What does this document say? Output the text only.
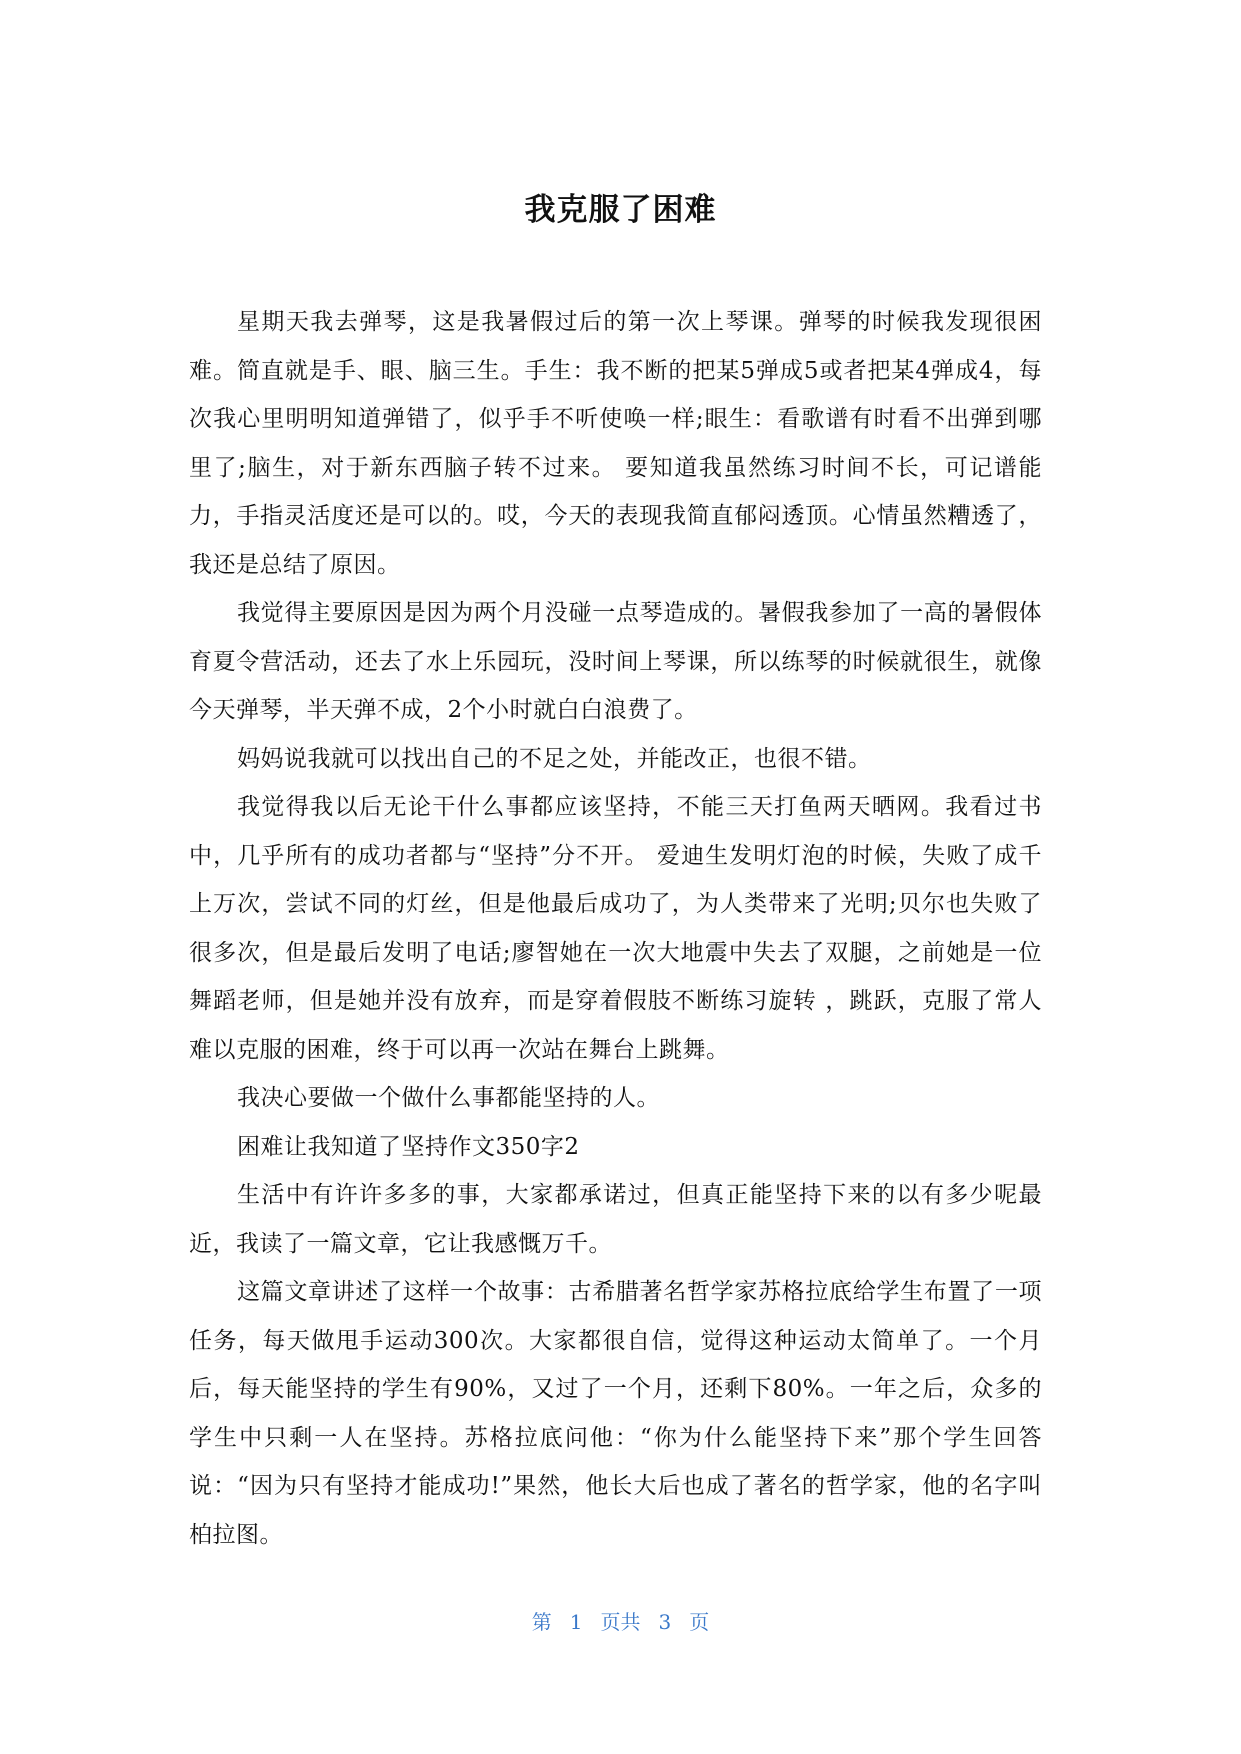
我克服了困难

星期天我去弹琴，这是我暑假过后的第一次上琴课。弹琴的时候我发现很困难。简直就是手、眼、脑三生。手生：我不断的把某5弹成5或者把某4弹成4，每次我心里明明知道弹错了，似乎手不听使唤一样;眼生：看歌谱有时看不出弹到哪里了;脑生，对于新东西脑子转不过来。 要知道我虽然练习时间不长，可记谱能力，手指灵活度还是可以的。哎，今天的表现我简直郁闷透顶。心情虽然糟透了，我还是总结了原因。

我觉得主要原因是因为两个月没碰一点琴造成的。暑假我参加了一高的暑假体育夏令营活动，还去了水上乐园玩，没时间上琴课，所以练琴的时候就很生，就像今天弹琴，半天弹不成，2个小时就白白浪费了。

妈妈说我就可以找出自己的不足之处，并能改正，也很不错。

我觉得我以后无论干什么事都应该坚持，不能三天打鱼两天晒网。我看过书中，几乎所有的成功者都与“坚持”分不开。 爱迪生发明灯泡的时候，失败了成千上万次，尝试不同的灯丝，但是他最后成功了，为人类带来了光明;贝尔也失败了很多次，但是最后发明了电话;廖智她在一次大地震中失去了双腿，之前她是一位舞蹈老师，但是她并没有放弃，而是穿着假肢不断练习旋转 ，跳跃，克服了常人难以克服的困难，终于可以再一次站在舞台上跳舞。

我决心要做一个做什么事都能坚持的人。

困难让我知道了坚持作文350字2

生活中有许许多多的事，大家都承诺过，但真正能坚持下来的以有多少呢最近，我读了一篇文章，它让我感慨万千。

这篇文章讲述了这样一个故事：古希腊著名哲学家苏格拉底给学生布置了一项任务，每天做甩手运动300次。大家都很自信，觉得这种运动太简单了。一个月后，每天能坚持的学生有90%，又过了一个月，还剩下80%。一年之后，众多的学生中只剩一人在坚持。苏格拉底问他：“你为什么能坚持下来”那个学生回答说：“因为只有坚持才能成功!”果然，他长大后也成了著名的哲学家，他的名字叫柏拉图。

第 1 页共 3 页
